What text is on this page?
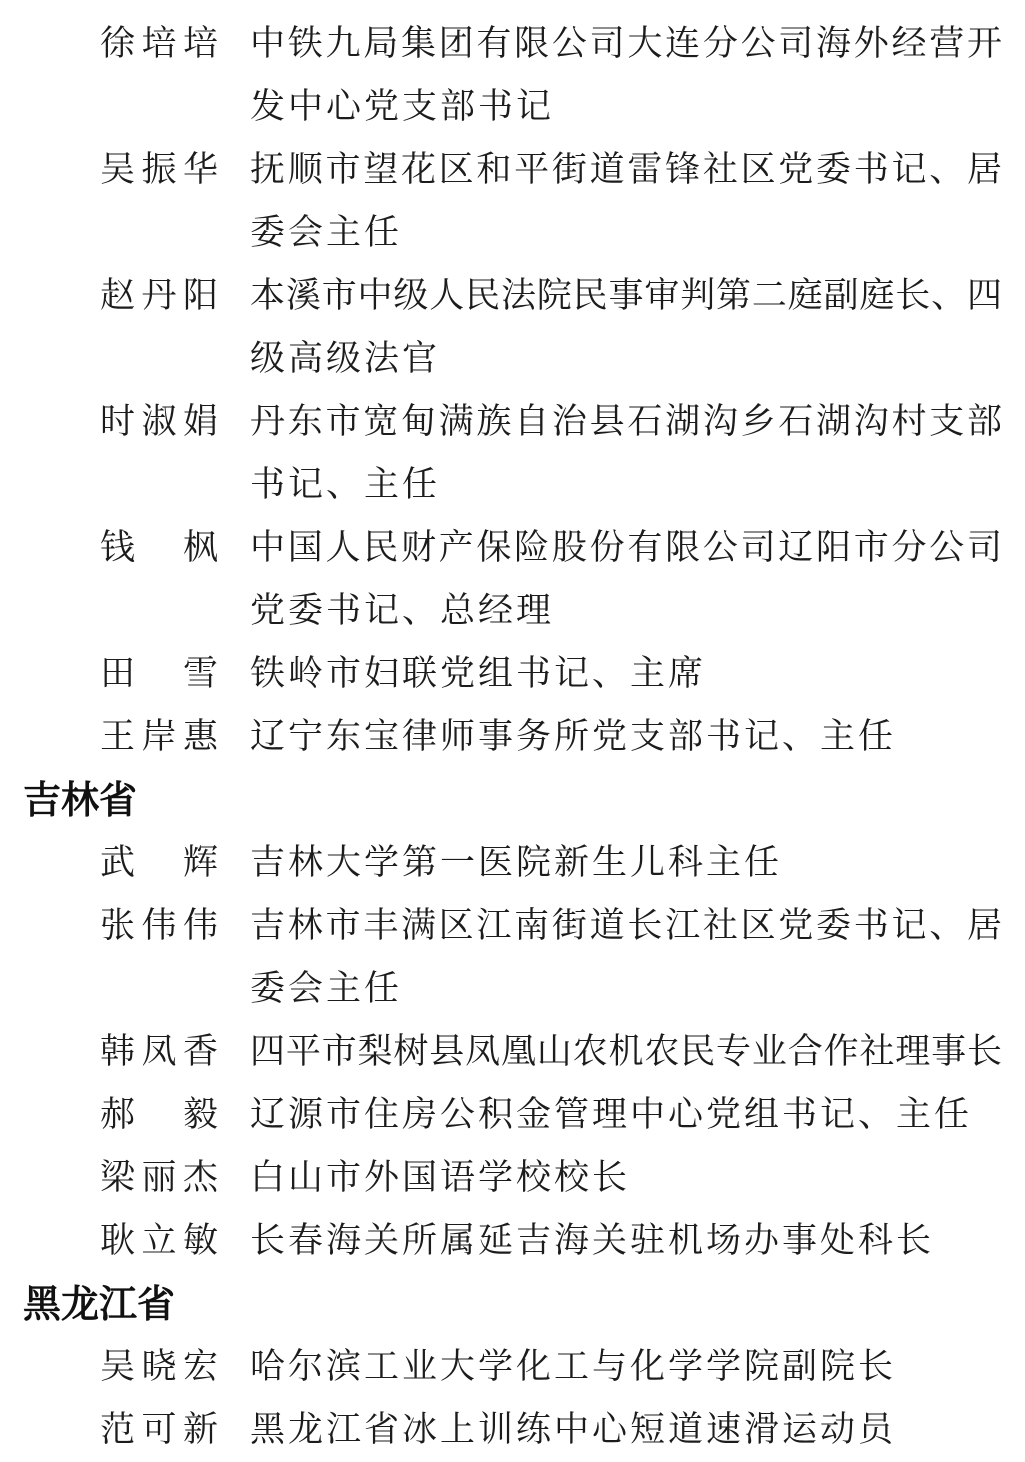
徐培培 中铁九局集团有限公司大连分公司海外经营开
发中心党支部书记
吴振华 抚顺市望花区和平街道雷锋社区党委书记、居
委会主任
赵丹阳 本溪市中级人民法院民事审判第二庭副庭长、四
级高级法官
时淑娟 丹东市宽甸满族自治县石湖沟乡石湖沟村支部
书记、主任
钱　枫 中国人民财产保险股份有限公司辽阳市分公司
党委书记、总经理
田　雪 铁岭市妇联党组书记、主席
王岸惠 辽宁东宝律师事务所党支部书记、主任
吉林省
武　辉 吉林大学第一医院新生儿科主任
张伟伟 吉林市丰满区江南街道长江社区党委书记、居
委会主任
韩凤香 四平市梨树县凤凰山农机农民专业合作社理事长
郝　毅 辽源市住房公积金管理中心党组书记、主任
梁丽杰 白山市外国语学校校长
耿立敏 长春海关所属延吉海关驻机场办事处科长
黑龙江省
吴晓宏 哈尔滨工业大学化工与化学学院副院长
范可新 黑龙江省冰上训练中心短道速滑运动员
